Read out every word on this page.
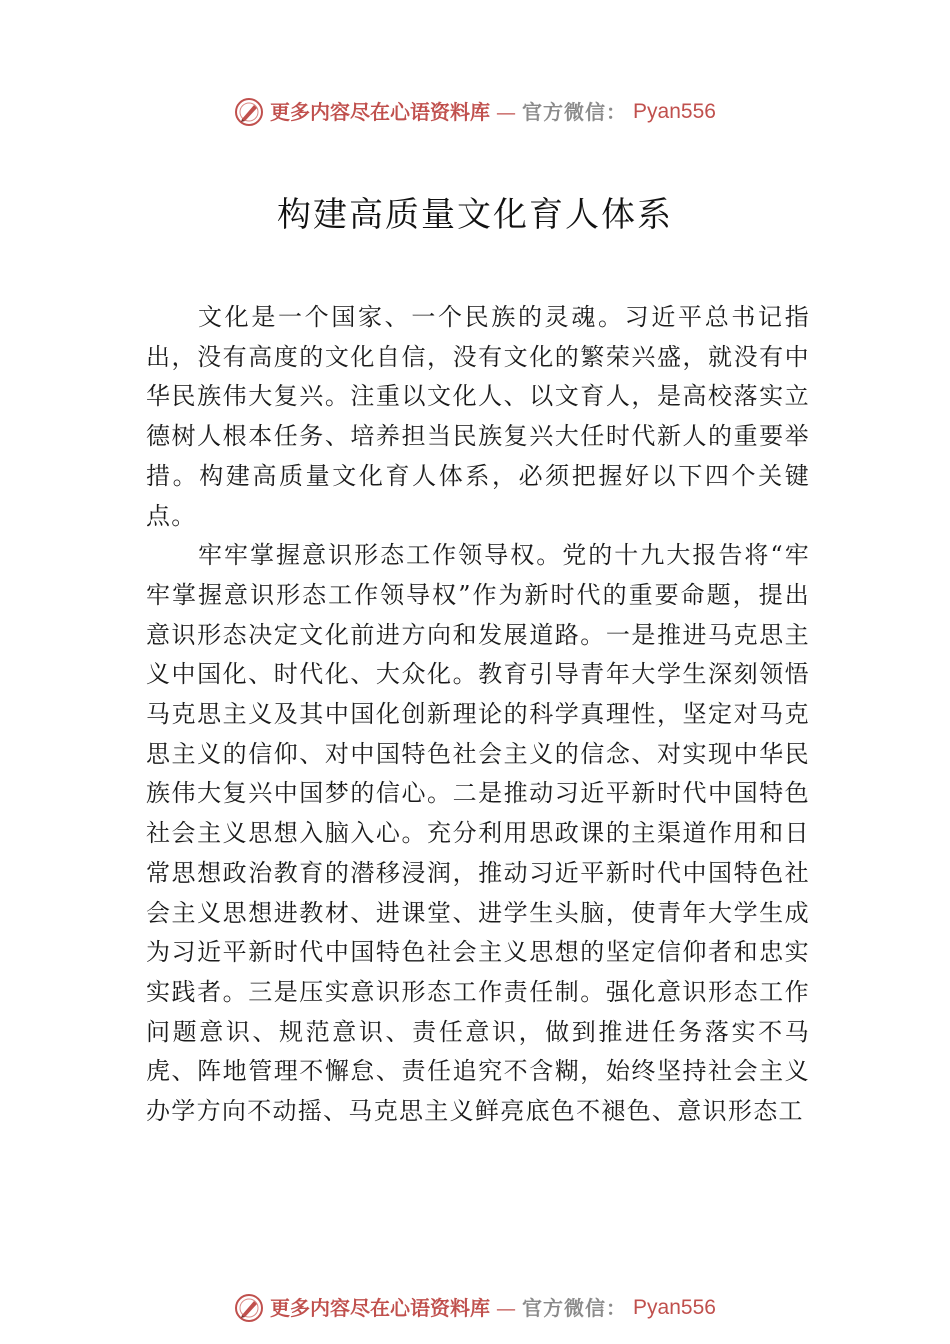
更多内容尽在心语资料库 — 官方微信： Pyan556
构建高质量文化育人体系

文化是一个国家、一个民族的灵魂。习近平总书记指出，没有高度的文化自信，没有文化的繁荣兴盛，就没有中华民族伟大复兴。注重以文化人、以文育人，是高校落实立德树人根本任务、培养担当民族复兴大任时代新人的重要举措。构建高质量文化育人体系，必须把握好以下四个关键点。

牢牢掌握意识形态工作领导权。党的十九大报告将“牢牢掌握意识形态工作领导权”作为新时代的重要命题，提出意识形态决定文化前进方向和发展道路。一是推进马克思主义中国化、时代化、大众化。教育引导青年大学生深刻领悟马克思主义及其中国化创新理论的科学真理性，坚定对马克思主义的信仰、对中国特色社会主义的信念、对实现中华民族伟大复兴中国梦的信心。二是推动习近平新时代中国特色社会主义思想入脑入心。充分利用思政课的主渠道作用和日常思想政治教育的潜移浸润，推动习近平新时代中国特色社会主义思想进教材、进课堂、进学生头脑，使青年大学生成为习近平新时代中国特色社会主义思想的坚定信仰者和忠实实践者。三是压实意识形态工作责任制。强化意识形态工作问题意识、规范意识、责任意识，做到推进任务落实不马虎、阵地管理不懈怠、责任追究不含糊，始终坚持社会主义办学方向不动摇、马克思主义鲜亮底色不褪色、意识形态工

更多内容尽在心语资料库 — 官方微信： Pyan556
